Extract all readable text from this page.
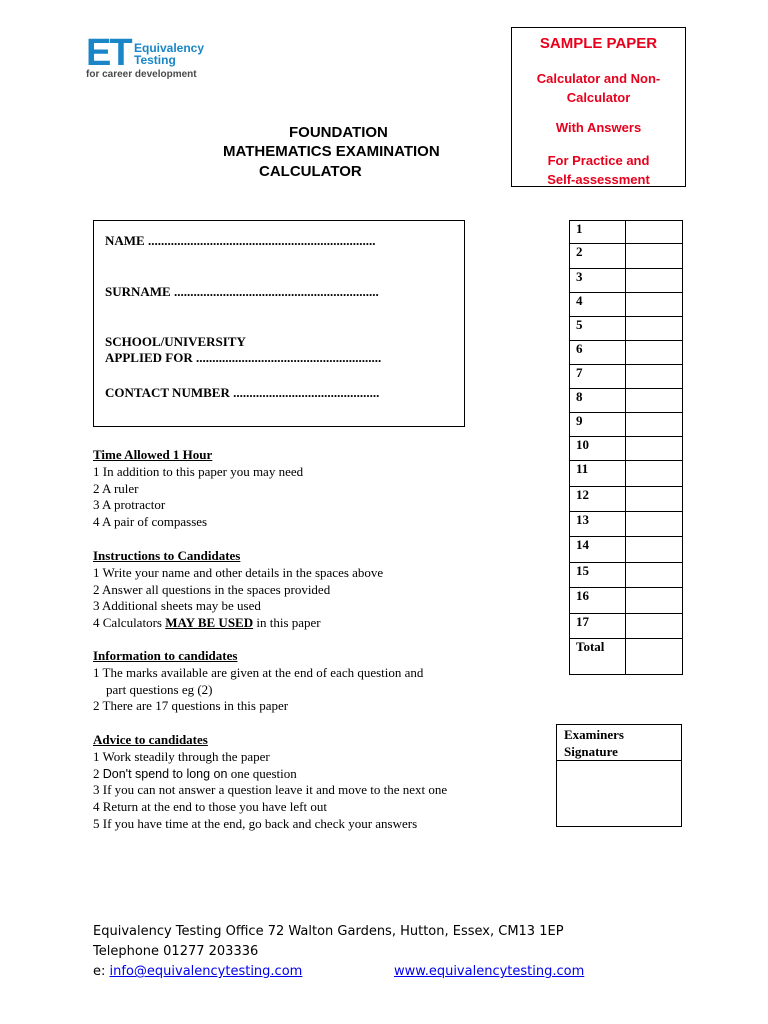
ET Equivalency
Testing
for career development
SAMPLE PAPER
Calculator and Non-
Calculator
With Answers
For Practice and
Self-assessment
FOUNDATION
MATHEMATICS EXAMINATION
CALCULATOR
NAME ......................................................................
SURNAME ...............................................................
SCHOOL/UNIVERSITY
APPLIED FOR .........................................................
CONTACT NUMBER .............................................
Time Allowed 1 Hour
1 In addition to this paper you may need
2 A ruler
3 A protractor
4 A pair of compasses
Instructions to Candidates
1 Write your name and other details in the spaces above
2 Answer all questions in the spaces provided
3 Additional sheets may be used
4 Calculators MAY BE USED in this paper
Information to candidates
1 The marks available are given at the end of each question and
part questions eg (2)
2 There are 17 questions in this paper
Advice to candidates
1 Work steadily through the paper
2 Don't spend to long on one question
3 If you can not answer a question leave it and move to the next one
4 Return at the end to those you have left out
5 If you have time at the end, go back and check your answers
1	
2	
3	
4	
5	
6	
7	
8	
9	
10	
11	
12	
13	
14	
15	
16	
17	
Total	
Examiners
Signature
Equivalency Testing Office 72 Walton Gardens, Hutton, Essex, CM13 1EP
Telephone 01277 203336
e: info@equivalencytesting.com	www.equivalencytesting.com
